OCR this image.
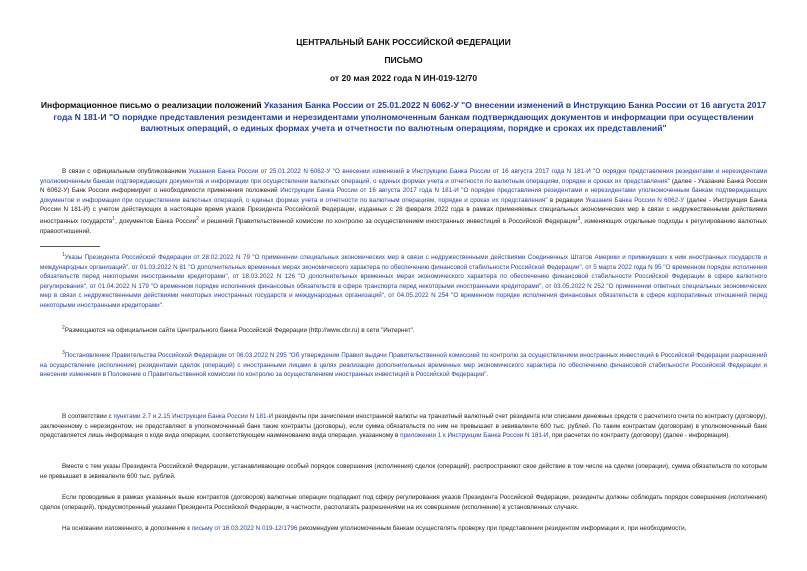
ЦЕНТРАЛЬНЫЙ БАНК РОССИЙСКОЙ ФЕДЕРАЦИИ
ПИСЬМО
от 20 мая 2022 года N ИН-019-12/70
Информационное письмо о реализации положений Указания Банка России от 25.01.2022 N 6062-У "О внесении изменений в Инструкцию Банка России от 16 августа 2017 года N 181-И "О порядке представления резидентами и нерезидентами уполномоченным банкам подтверждающих документов и информации при осуществлении валютных операций, о единых формах учета и отчетности по валютным операциям, порядке и сроках их представлений"
В связи с официальным опубликованием Указания Банка России от 25.01.2022 N 6062-У "О внесении изменений в Инструкцию Банка России от 16 августа 2017 года N 181-И "О порядке представления резидентами и нерезидентами уполномоченным банкам подтверждающих документов и информации при осуществлении валютных операций, о единых формах учета и отчетности по валютным операциям, порядке и сроках их представления" (далее - Указание Банка России N 6062-У) Банк России информирует о необходимости применения положений Инструкции Банка России от 16 августа 2017 года N 181-И "О порядке представления резидентами и нерезидентами уполномоченным банкам подтверждающих документов и информации при осуществлении валютных операций, о единых формах учета и отчетности по валютным операциям, порядке и сроках их представления" в редакции Указания Банка России N 6062-У (далее - Инструкция Банка России N 181-И) с учетом действующих в настоящее время указов Президента Российской Федерации, изданных с 28 февраля 2022 года в рамках применяемых специальных экономических мер в связи с недружественными действиями иностранных государств$^1$, документов Банка России$^2$ и решений Правительственной комиссии по контролю за осуществлением иностранных инвестиций в Российской Федерации$^3$, изменяющих отдельные подходы к регулированию валютных правоотношений.
$^1$Указы Президента Российской Федерации от 28.02.2022 N 79 "О применении специальных экономических мер в связи с недружественными действиями Соединенных Штатов Америки и примкнувших к ним иностранных государств и международных организаций", от 01.03.2022 N 81 "О дополнительных временных мерах экономического характера по обеспечению финансовой стабильности Российской Федерации", от 5 марта 2022 года N 95 "О временном порядке исполнения обязательств перед некоторыми иностранными кредиторами", от 18.03.2022 N 126 "О дополнительных временных мерах экономического характера по обеспечению финансовой стабильности Российской Федерации в сфере валютного регулирования", от 01.04.2022 N 179 "О временном порядке исполнения финансовых обязательств в сфере транспорта перед некоторыми иностранными кредиторами", от 03.05.2022 N 252 "О применении ответных специальных экономических мер в связи с недружественными действиями некоторых иностранных государств и международных организаций", от 04.05.2022 N 254 "О временном порядке исполнения финансовых обязательств в сфере корпоративных отношений перед некоторыми иностранными кредиторами".
$^2$Размещаются на официальном сайте Центрального банка Российской Федерации (http://www.cbr.ru) в сети "Интернет".
$^3$Постановление Правительства Российской Федерации от 06.03.2022 N 295 "Об утверждении Правил выдачи Правительственной комиссией по контролю за осуществлением иностранных инвестиций в Российской Федерации разрешений на осуществление (исполнение) резидентами сделок (операций) с иностранными лицами в целях реализации дополнительных временных мер экономического характера по обеспечению финансовой стабильности Российской Федерации и внесении изменения в Положение о Правительственной комиссии по контролю за осуществлением иностранных инвестиций в Российской Федерации".
В соответствии с пунктами 2.7 и 2.15 Инструкции Банка России N 181-И резиденты при зачислении иностранной валюты на транзитный валютный счет резидента или списании денежных средств с расчетного счета по контракту (договору), заключенному с нерезидентом, не представляют в уполномоченный банк такие контракты (договоры), если сумма обязательств по ним не превышает в эквиваленте 600 тыс. рублей. По таким контрактам (договорам) в уполномоченный банк представляется лишь информация о коде вида операции, соответствующем наименованию вида операции, указанному в приложении 1 к Инструкции Банка России N 181-И, при расчетах по контракту (договору) (далее - информация).
Вместе с тем указы Президента Российской Федерации, устанавливающие особый порядок совершения (исполнения) сделок (операций), распространяют свое действие в том числе на сделки (операции), сумма обязательств по которым не превышает в эквиваленте 600 тыс. рублей.
Если проводимые в рамках указанных выше контрактов (договоров) валютные операции подпадают под сферу регулирования указов Президента Российской Федерации, резиденты должны соблюдать порядок совершения (исполнения) сделок (операций), предусмотренный указами Президента Российской Федерации, в частности, располагать разрешениями на их совершение (исполнение) в установленных случаях.
На основании изложенного, в дополнение к письму от 16.03.2022 N 019-12/1796 рекомендуем уполномоченным банкам осуществлять проверку при представлении резидентом информации и, при необходимости,
